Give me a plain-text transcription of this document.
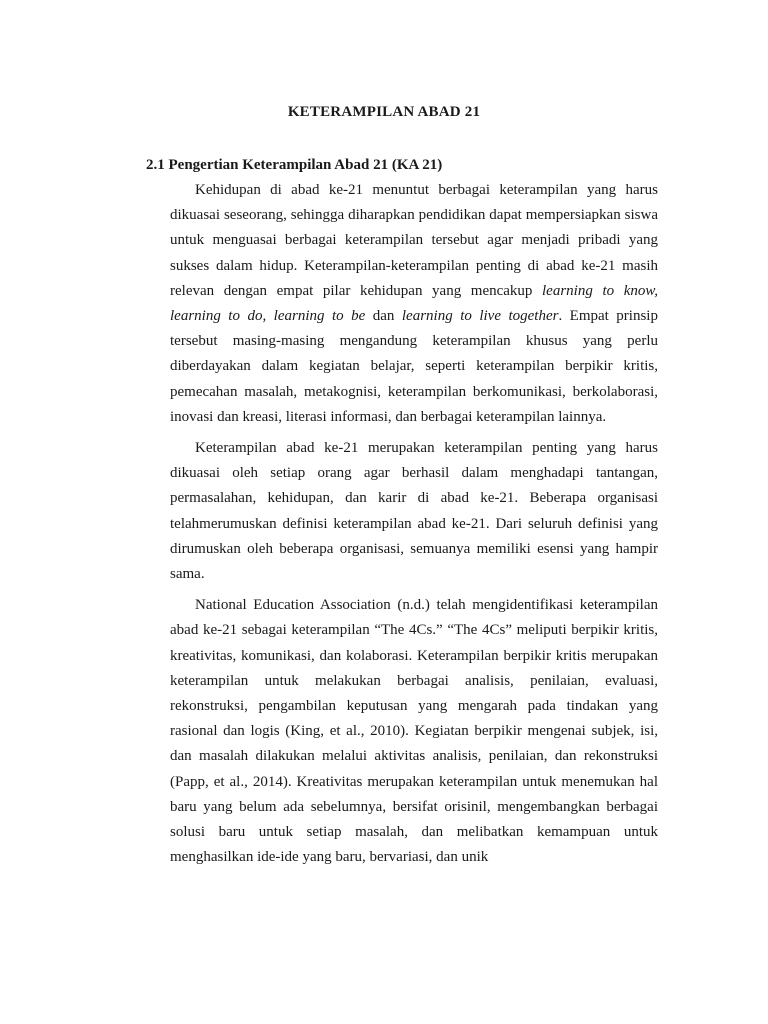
KETERAMPILAN ABAD 21
2.1 Pengertian Keterampilan Abad 21 (KA 21)

Kehidupan di abad ke-21 menuntut berbagai keterampilan yang harus dikuasai seseorang, sehingga diharapkan pendidikan dapat mempersiapkan siswa untuk menguasai berbagai keterampilan tersebut agar menjadi pribadi yang sukses dalam hidup. Keterampilan-keterampilan penting di abad ke-21 masih relevan dengan empat pilar kehidupan yang mencakup learning to know, learning to do, learning to be dan learning to live together. Empat prinsip tersebut masing-masing mengandung keterampilan khusus yang perlu diberdayakan dalam kegiatan belajar, seperti keterampilan berpikir kritis, pemecahan masalah, metakognisi, keterampilan berkomunikasi, berkolaborasi, inovasi dan kreasi, literasi informasi, dan berbagai keterampilan lainnya.

Keterampilan abad ke-21 merupakan keterampilan penting yang harus dikuasai oleh setiap orang agar berhasil dalam menghadapi tantangan, permasalahan, kehidupan, dan karir di abad ke-21. Beberapa organisasi telahmerumuskan definisi keterampilan abad ke-21. Dari seluruh definisi yang dirumuskan oleh beberapa organisasi, semuanya memiliki esensi yang hampir sama.

National Education Association (n.d.) telah mengidentifikasi keterampilan abad ke-21 sebagai keterampilan “The 4Cs.” “The 4Cs” meliputi berpikir kritis, kreativitas, komunikasi, dan kolaborasi. Keterampilan berpikir kritis merupakan keterampilan untuk melakukan berbagai analisis, penilaian, evaluasi, rekonstruksi, pengambilan keputusan yang mengarah pada tindakan yang rasional dan logis (King, et al., 2010). Kegiatan berpikir mengenai subjek, isi, dan masalah dilakukan melalui aktivitas analisis, penilaian, dan rekonstruksi (Papp, et al., 2014). Kreativitas merupakan keterampilan untuk menemukan hal baru yang belum ada sebelumnya, bersifat orisinil, mengembangkan berbagai solusi baru untuk setiap masalah, dan melibatkan kemampuan untuk menghasilkan ide-ide yang baru, bervariasi, dan unik
